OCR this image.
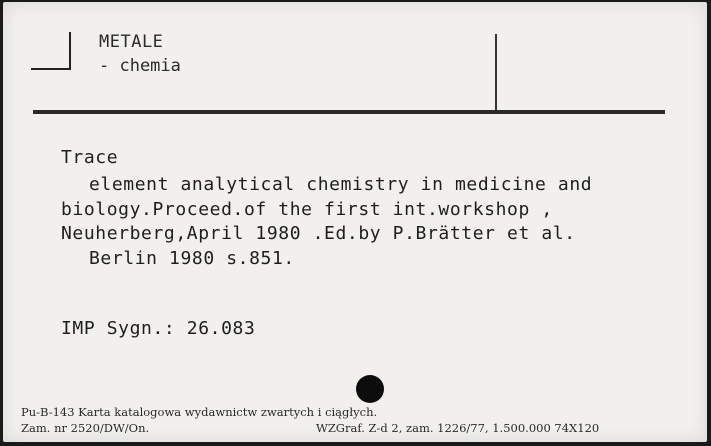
METALE
- chemia
Trace
element analytical chemistry in medicine and
biology.Proceed.of the first int.workshop ,
Neuherberg,April 1980 .Ed.by P.Brätter et al.
Berlin 1980 s.851.
IMP Sygn.: 26.083
Pu-B-143 Karta katalogowa wydawnictw zwartych i ciągłych.
Zam. nr 2520/DW/On.	WZGraf. Z-d 2, zam. 1226/77, 1.500.000 74X120
